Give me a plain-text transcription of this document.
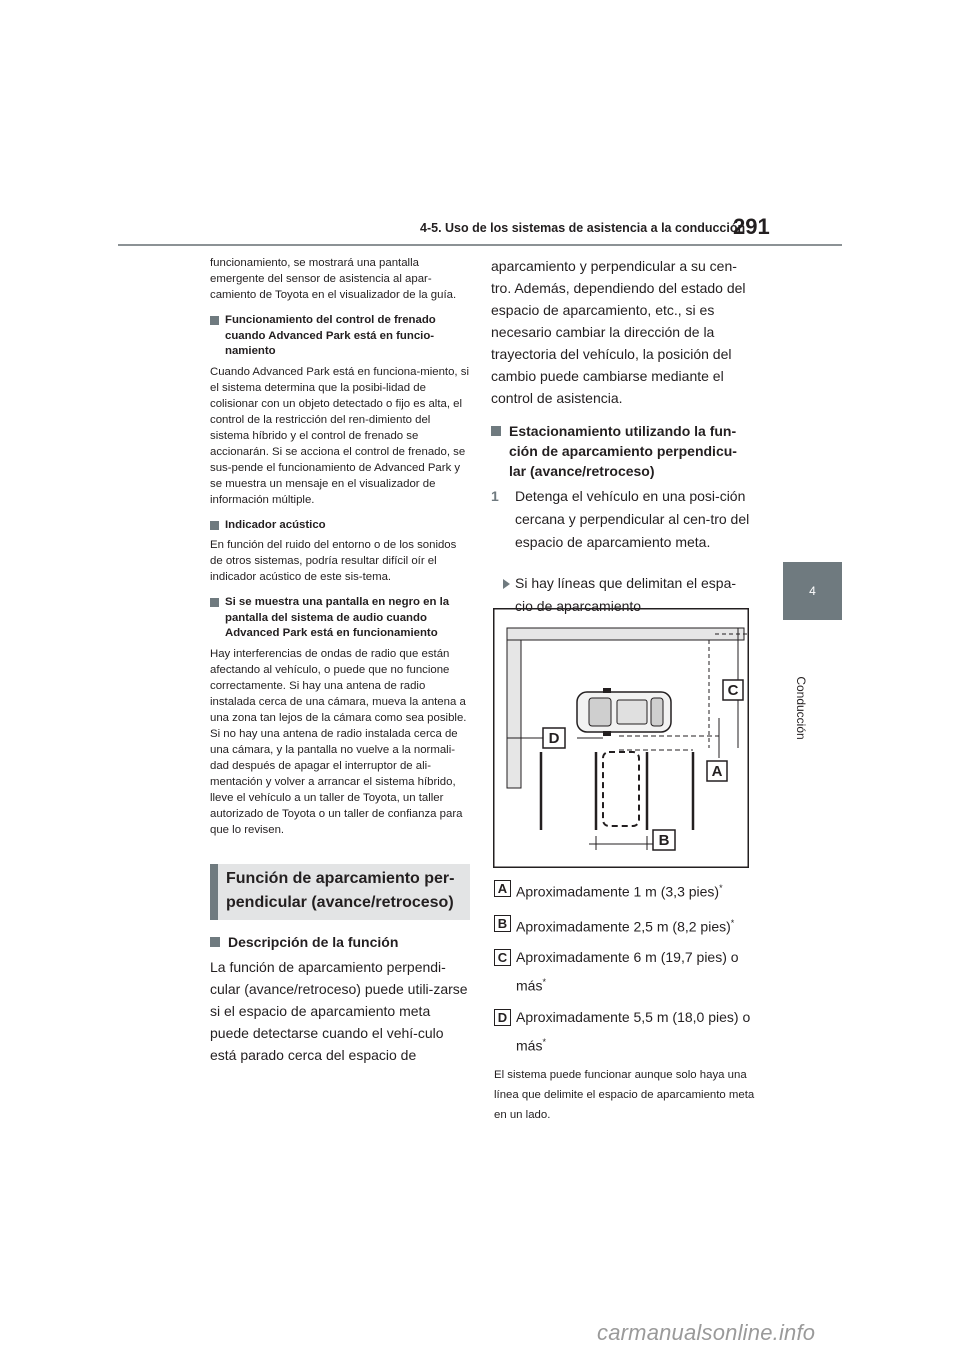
4-5. Uso de los sistemas de asistencia a la conducción
291
4
Conducción

funcionamiento, se mostrará una pantalla emergente del sensor de asistencia al apar-camiento de Toyota en el visualizador de la guía.

Funcionamiento del control de frenado cuando Advanced Park está en funcio-namiento

Cuando Advanced Park está en funciona-miento, si el sistema determina que la posibi-lidad de colisionar con un objeto detectado o fijo es alta, el control de la restricción del ren-dimiento del sistema híbrido y el control de frenado se accionarán. Si se acciona el control de frenado, se sus-pende el funcionamiento de Advanced Park y se muestra un mensaje en el visualizador de información múltiple.

Indicador acústico

En función del ruido del entorno o de los sonidos de otros sistemas, podría resultar difícil oír el indicador acústico de este sis-tema.

Si se muestra una pantalla en negro en la pantalla del sistema de audio cuando Advanced Park está en funcionamiento

Hay interferencias de ondas de radio que están afectando al vehículo, o puede que no funcione correctamente. Si hay una antena de radio instalada cerca de una cámara, mueva la antena a una zona tan lejos de la cámara como sea posible. Si no hay una antena de radio instalada cerca de una cámara, y la pantalla no vuelve a la normali-dad después de apagar el interruptor de ali-mentación y volver a arrancar el sistema híbrido, lleve el vehículo a un taller de Toyota, un taller autorizado de Toyota o un taller de confianza para que lo revisen.

Función de aparcamiento per-pendicular (avance/retroceso)
Descripción de la función

La función de aparcamiento perpendi-cular (avance/retroceso) puede utili-zarse si el espacio de aparcamiento meta puede detectarse cuando el vehí-culo está parado cerca del espacio de

aparcamiento y perpendicular a su cen-tro. Además, dependiendo del estado del espacio de aparcamiento, etc., si es necesario cambiar la dirección de la trayectoria del vehículo, la posición del cambio puede cambiarse mediante el control de asistencia.

Estacionamiento utilizando la fun-ción de aparcamiento perpendicu-lar (avance/retroceso)
1 Detenga el vehículo en una posi-ción cercana y perpendicular al cen-tro del espacio de aparcamiento meta.
Si hay líneas que delimitan el espa-cio de aparcamiento
C
D
A
B
A Aproximadamente 1 m (3,3 pies)*
B Aproximadamente 2,5 m (8,2 pies)*
C Aproximadamente 6 m (19,7 pies) o más*
D Aproximadamente 5,5 m (18,0 pies) o más*

El sistema puede funcionar aunque solo haya una línea que delimite el espacio de aparcamiento meta en un lado.

carmanualsonline.info
